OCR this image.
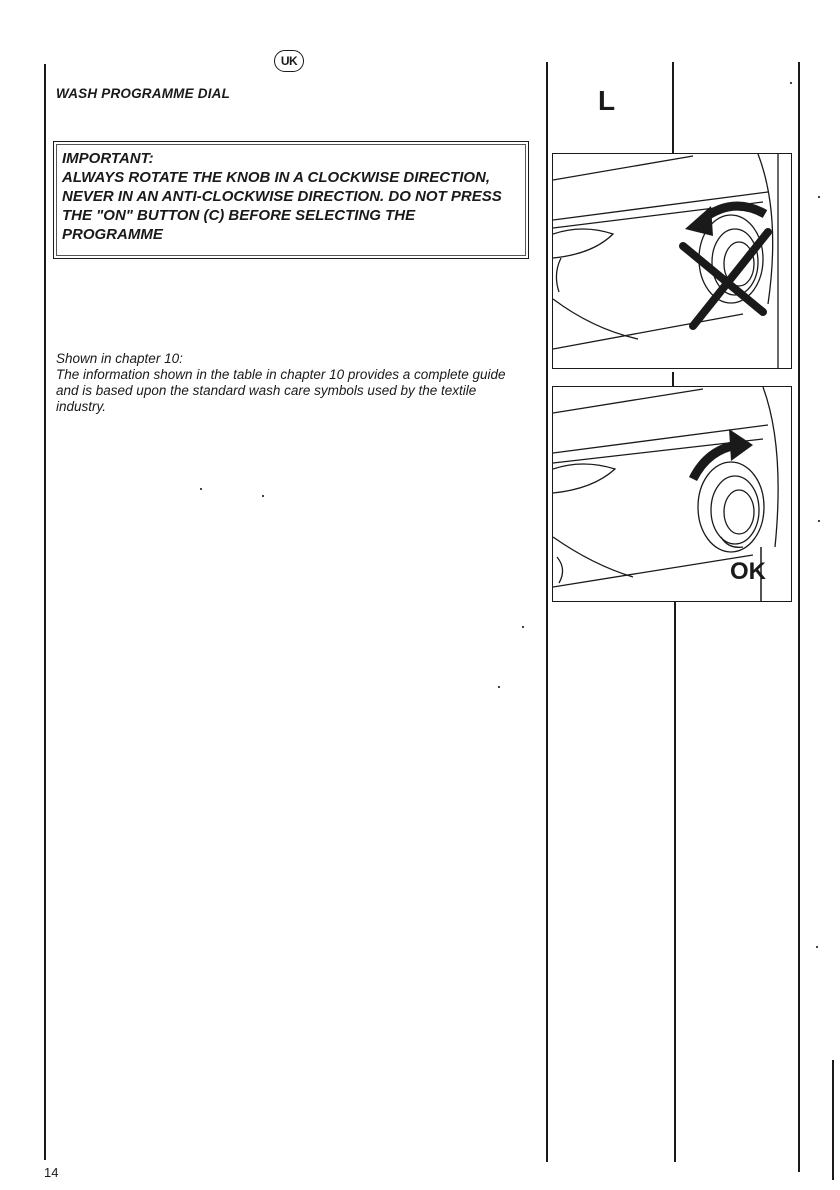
UK
WASH PROGRAMME DIAL
IMPORTANT:
ALWAYS ROTATE THE KNOB IN A CLOCKWISE DIRECTION, NEVER IN AN ANTI-CLOCKWISE DIRECTION. DO NOT PRESS THE "ON" BUTTON (C) BEFORE SELECTING THE PROGRAMME
Shown in chapter 10:
The information shown in the table in chapter 10 provides a complete guide and is based upon the standard wash care symbols used by the textile industry.
L
OK
14
